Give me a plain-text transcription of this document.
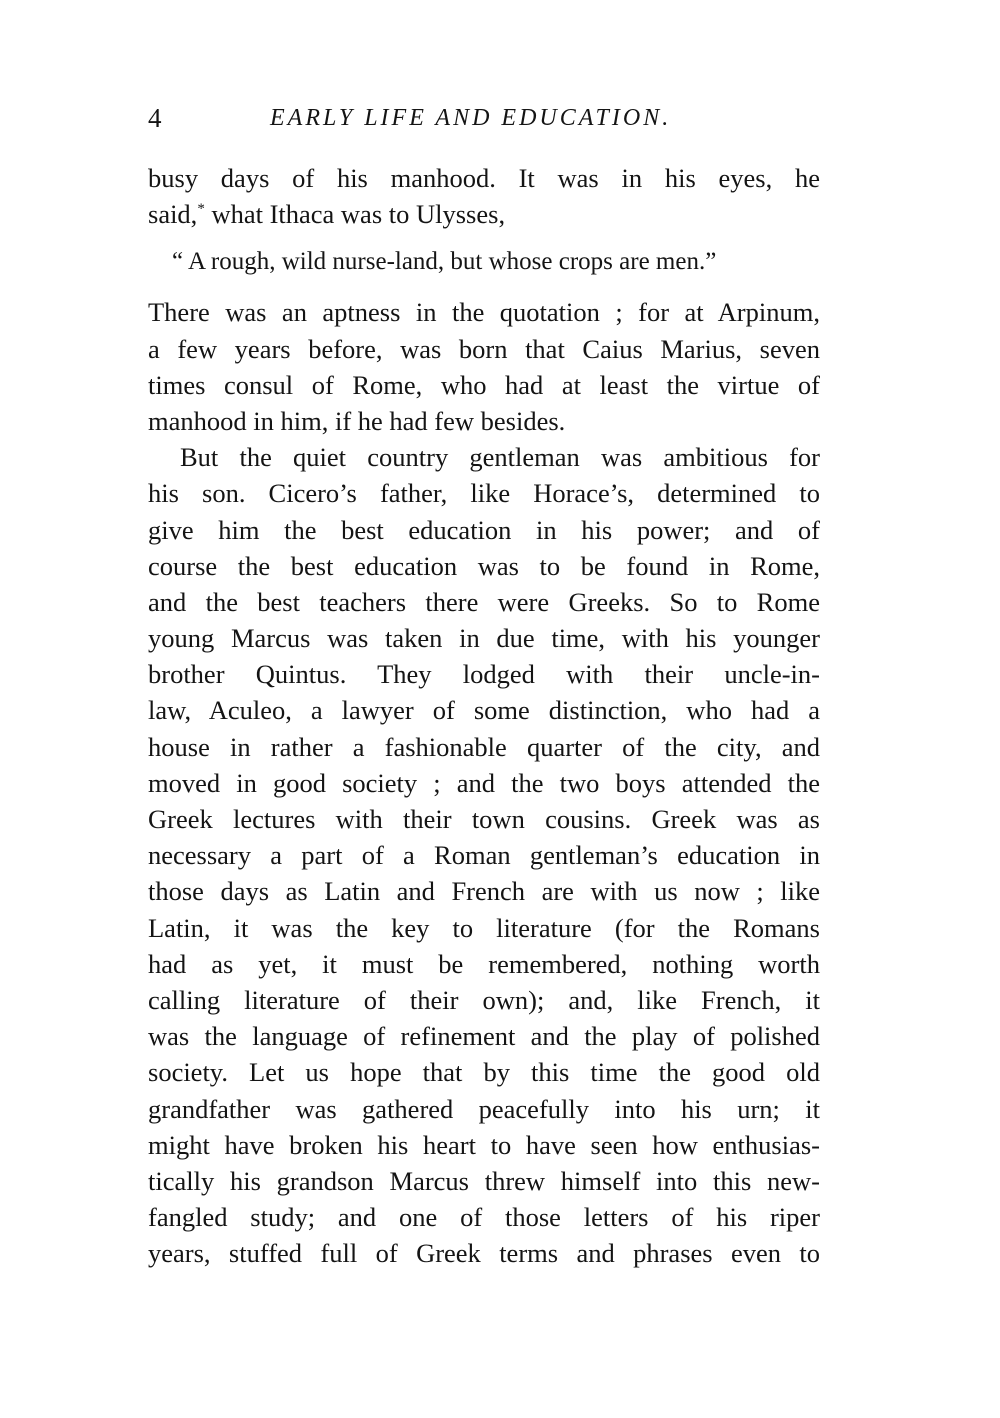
4	EARLY LIFE AND EDUCATION.
busy days of his manhood. It was in his eyes, he
said,* what Ithaca was to Ulysses,
“ A rough, wild nurse-land, but whose crops are men.”
There was an aptness in the quotation ; for at Arpinum,
a few years before, was born that Caius Marius, seven
times consul of Rome, who had at least the virtue of
manhood in him, if he had few besides.
But the quiet country gentleman was ambitious for
his son. Cicero’s father, like Horace’s, determined to
give him the best education in his power; and of
course the best education was to be found in Rome,
and the best teachers there were Greeks. So to Rome
young Marcus was taken in due time, with his younger
brother Quintus. They lodged with their uncle-in-
law, Aculeo, a lawyer of some distinction, who had a
house in rather a fashionable quarter of the city, and
moved in good society ; and the two boys attended the
Greek lectures with their town cousins. Greek was as
necessary a part of a Roman gentleman’s education in
those days as Latin and French are with us now ; like
Latin, it was the key to literature (for the Romans
had as yet, it must be remembered, nothing worth
calling literature of their own); and, like French, it
was the language of refinement and the play of polished
society. Let us hope that by this time the good old
grandfather was gathered peacefully into his urn; it
might have broken his heart to have seen how enthusias-
tically his grandson Marcus threw himself into this new-
fangled study; and one of those letters of his riper
years, stuffed full of Greek terms and phrases even to
